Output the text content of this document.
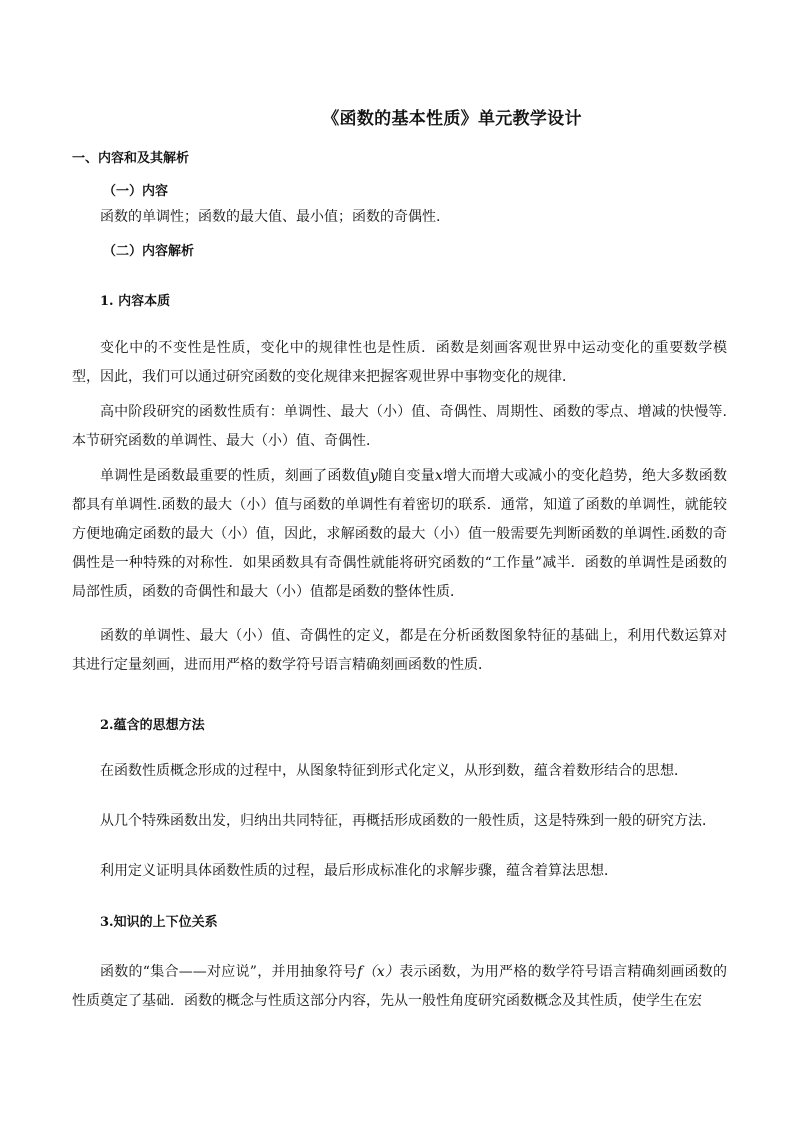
《函数的基本性质》单元教学设计
一、内容和及其解析
（一）内容
函数的单调性；函数的最大值、最小值；函数的奇偶性.
（二）内容解析
1. 内容本质
变化中的不变性是性质，变化中的规律性也是性质．函数是刻画客观世界中运动变化的重要数学模型，因此，我们可以通过研究函数的变化规律来把握客观世界中事物变化的规律．
高中阶段研究的函数性质有：单调性、最大（小）值、奇偶性、周期性、函数的零点、增减的快慢等.本节研究函数的单调性、最大（小）值、奇偶性．
单调性是函数最重要的性质，刻画了函数值y随自变量x增大而增大或减小的变化趋势，绝大多数函数都具有单调性.函数的最大（小）值与函数的单调性有着密切的联系．通常，知道了函数的单调性，就能较方便地确定函数的最大（小）值，因此，求解函数的最大（小）值一般需要先判断函数的单调性.函数的奇偶性是一种特殊的对称性．如果函数具有奇偶性就能将研究函数的“工作量”减半．函数的单调性是函数的局部性质，函数的奇偶性和最大（小）值都是函数的整体性质．
函数的单调性、最大（小）值、奇偶性的定义，都是在分析函数图象特征的基础上，利用代数运算对其进行定量刻画，进而用严格的数学符号语言精确刻画函数的性质．
2.蕴含的思想方法
在函数性质概念形成的过程中，从图象特征到形式化定义，从形到数，蕴含着数形结合的思想．
从几个特殊函数出发，归纳出共同特征，再概括形成函数的一般性质，这是特殊到一般的研究方法．
利用定义证明具体函数性质的过程，最后形成标准化的求解步骤，蕴含着算法思想．
3.知识的上下位关系
函数的“集合——对应说”，并用抽象符号f（x）表示函数，为用严格的数学符号语言精确刻画函数的性质奠定了基础．函数的概念与性质这部分内容，先从一般性角度研究函数概念及其性质，使学生在宏
